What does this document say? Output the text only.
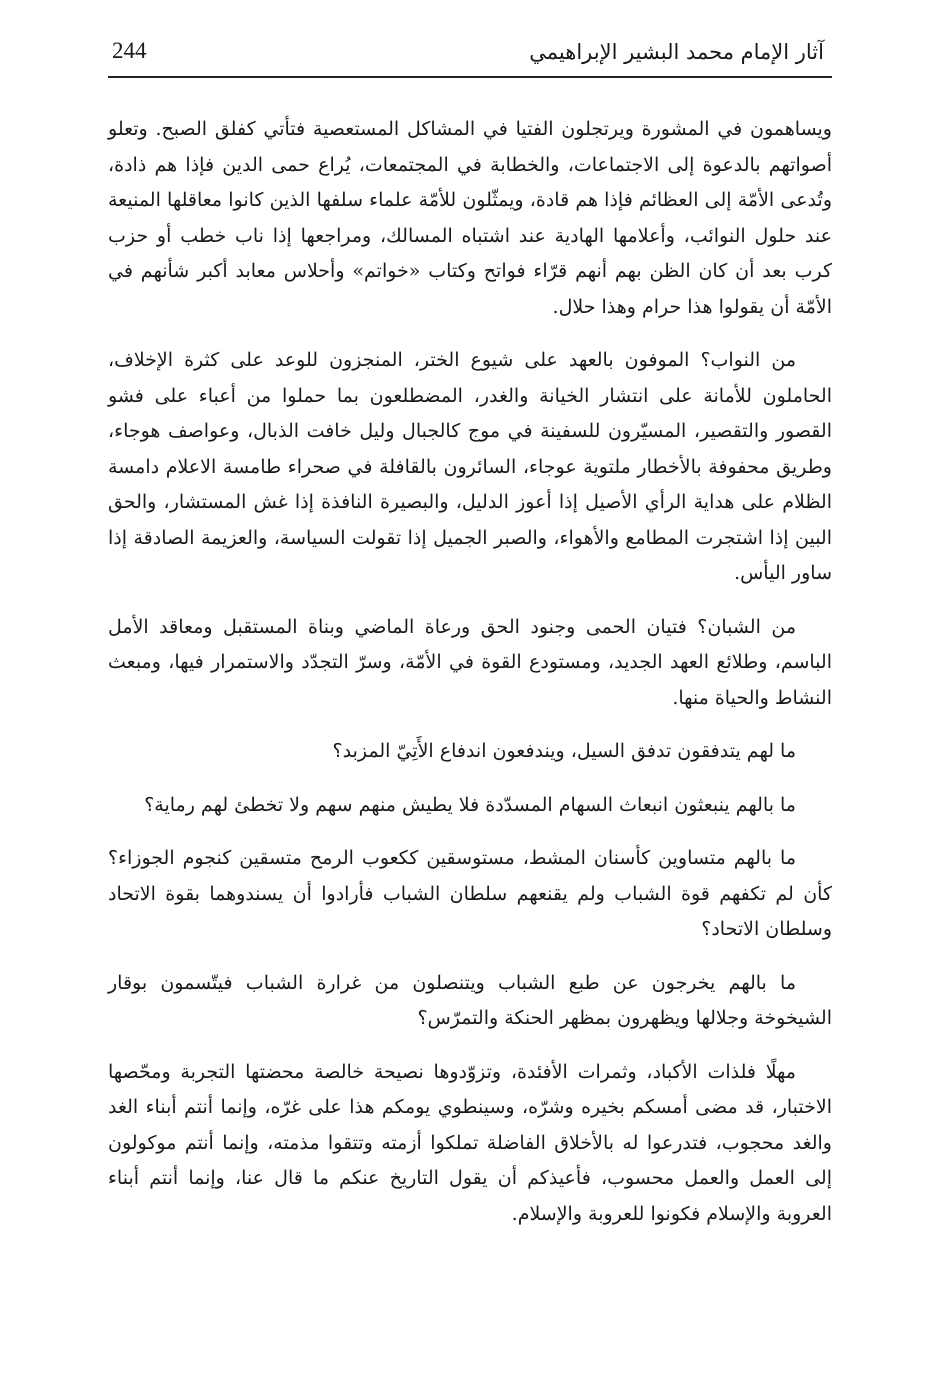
آثار الإمام محمد البشير الإبراهيمي
244

ويساهمون في المشورة ويرتجلون الفتيا في المشاكل المستعصية فتأتي كفلق الصبح. وتعلو أصواتهم بالدعوة إلى الاجتماعات، والخطابة في المجتمعات، يُراع حمى الدين فإذا هم ذادة، وتُدعى الأمّة إلى العظائم فإذا هم قادة، ويمثّلون للأمّة علماء سلفها الذين كانوا معاقلها المنيعة عند حلول النوائب، وأعلامها الهادية عند اشتباه المسالك، ومراجعها إذا ناب خطب أو حزب كرب بعد أن كان الظن بهم أنهم قرّاء فواتح وكتاب «خواتم» وأحلاس معابد أكبر شأنهم في الأمّة أن يقولوا هذا حرام وهذا حلال.

من النواب؟ الموفون بالعهد على شيوع الختر، المنجزون للوعد على كثرة الإخلاف، الحاملون للأمانة على انتشار الخيانة والغدر، المضطلعون بما حملوا من أعباء على فشو القصور والتقصير، المسيّرون للسفينة في موج كالجبال وليل خافت الذبال، وعواصف هوجاء، وطريق محفوفة بالأخطار ملتوية عوجاء، السائرون بالقافلة في صحراء طامسة الاعلام دامسة الظلام على هداية الرأي الأصيل إذا أعوز الدليل، والبصيرة النافذة إذا غش المستشار، والحق البين إذا اشتجرت المطامع والأهواء، والصبر الجميل إذا تقولت السياسة، والعزيمة الصادقة إذا ساور اليأس.

من الشبان؟ فتيان الحمى وجنود الحق ورعاة الماضي وبناة المستقبل ومعاقد الأمل الباسم، وطلائع العهد الجديد، ومستودع القوة في الأمّة، وسرّ التجدّد والاستمرار فيها، ومبعث النشاط والحياة منها.

ما لهم يتدفقون تدفق السيل، ويندفعون اندفاع الأَتِيّ المزبد؟

ما بالهم ينبعثون انبعاث السهام المسدّدة فلا يطيش منهم سهم ولا تخطئ لهم رماية؟

ما بالهم متساوين كأسنان المشط، مستوسقين ككعوب الرمح متسقين كنجوم الجوزاء؟ كأن لم تكفهم قوة الشباب ولم يقنعهم سلطان الشباب فأرادوا أن يسندوهما بقوة الاتحاد وسلطان الاتحاد؟

ما بالهم يخرجون عن طبع الشباب ويتنصلون من غرارة الشباب فيتّسمون بوقار الشيخوخة وجلالها ويظهرون بمظهر الحنكة والتمرّس؟

مهلًا فلذات الأكباد، وثمرات الأفئدة، وتزوّدوها نصيحة خالصة محضتها التجربة ومحّصها الاختبار، قد مضى أمسكم بخيره وشرّه، وسينطوي يومكم هذا على غرّه، وإنما أنتم أبناء الغد والغد محجوب، فتدرعوا له بالأخلاق الفاضلة تملكوا أزمته وتتقوا مذمته، وإنما أنتم موكولون إلى العمل والعمل محسوب، فأعيذكم أن يقول التاريخ عنكم ما قال عنا، وإنما أنتم أبناء العروبة والإسلام فكونوا للعروبة والإسلام.
